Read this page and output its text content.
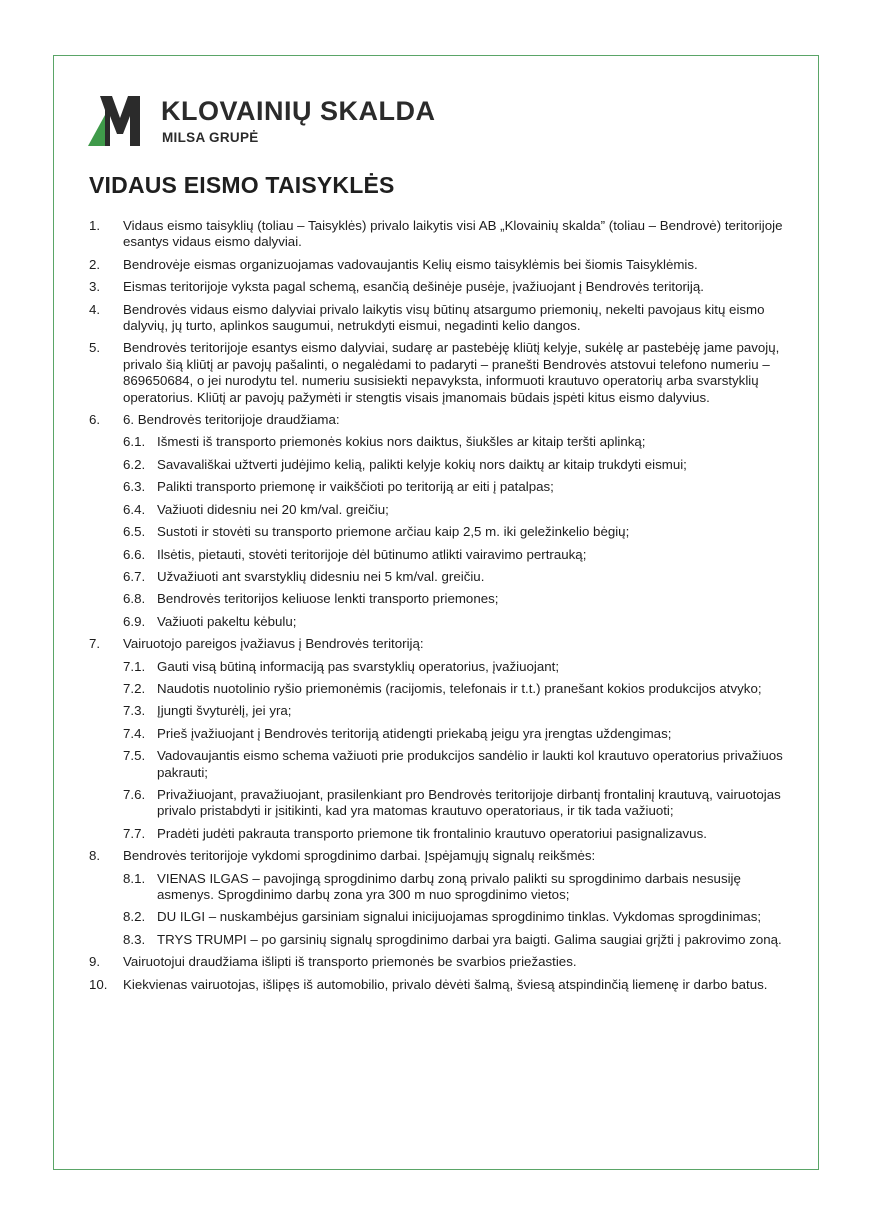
KLOVAINIŲ SKALDA
MILSA GRUPĖ
VIDAUS EISMO TAISYKLĖS
1. Vidaus eismo taisyklių (toliau – Taisyklės) privalo laikytis visi AB „Klovainių skalda” (toliau – Bendrovė) teritorijoje esantys vidaus eismo dalyviai.
2. Bendrovėje eismas organizuojamas vadovaujantis Kelių eismo taisyklėmis bei šiomis Taisyklėmis.
3. Eismas teritorijoje vyksta pagal schemą, esančią dešinėje pusėje, įvažiuojant į Bendrovės teritoriją.
4. Bendrovės vidaus eismo dalyviai privalo laikytis visų būtinų atsargumo priemonių, nekelti pavojaus kitų eismo dalyvių, jų turto, aplinkos saugumui, netrukdyti eismui, negadinti kelio dangos.
5. Bendrovės teritorijoje esantys eismo dalyviai, sudarę ar pastebėję kliūtį kelyje, sukėlę ar pastebėję jame pavojų, privalo šią kliūtį ar pavojų pašalinti, o negalėdami to padaryti – pranešti Bendrovės atstovui telefono numeriu – 869650684, o jei nurodytu tel. numeriu susisiekti nepavyksta, informuoti krautuvo operatorių arba svarstyklių operatorius. Kliūtį ar pavojų pažymėti ir stengtis visais įmanomais būdais įspėti kitus eismo dalyvius.
6. 6. Bendrovės teritorijoje draudžiama:
6.1. Išmesti iš transporto priemonės kokius nors daiktus, šiukšles ar kitaip teršti aplinką;
6.2. Savavališkai užtverti judėjimo kelią, palikti kelyje kokių nors daiktų ar kitaip trukdyti eismui;
6.3. Palikti transporto priemonę ir vaikščioti po teritoriją ar eiti į patalpas;
6.4. Važiuoti didesniu nei 20 km/val. greičiu;
6.5. Sustoti ir stovėti su transporto priemone arčiau kaip 2,5 m. iki geležinkelio bėgių;
6.6. Ilsėtis, pietauti, stovėti teritorijoje dėl būtinumo atlikti vairavimo pertrauką;
6.7. Užvažiuoti ant svarstyklių didesniu nei 5 km/val. greičiu.
6.8. Bendrovės teritorijos keliuose lenkti transporto priemones;
6.9. Važiuoti pakeltu kėbulu;
7. Vairuotojo pareigos įvažiavus į Bendrovės teritoriją:
7.1. Gauti visą būtiną informaciją pas svarstyklių operatorius, įvažiuojant;
7.2. Naudotis nuotolinio ryšio priemonėmis (racijomis, telefonais ir t.t.) pranešant kokios produkcijos atvyko;
7.3. Įjungti švyturėlį, jei yra;
7.4. Prieš įvažiuojant į Bendrovės teritoriją atidengti priekabą jeigu yra įrengtas uždengimas;
7.5. Vadovaujantis eismo schema važiuoti prie produkcijos sandėlio ir laukti kol krautuvo operatorius privažiuos pakrauti;
7.6. Privažiuojant, pravažiuojant, prasilenkiant pro Bendrovės teritorijoje dirbantį frontalinį krautuvą, vairuotojas privalo pristabdyti ir įsitikinti, kad yra matomas krautuvo operatoriaus, ir tik tada važiuoti;
7.7. Pradėti judėti pakrauta transporto priemone tik frontalinio krautuvo operatoriui pasignalizavus.
8. Bendrovės teritorijoje vykdomi sprogdinimo darbai. Įspėjamųjų signalų reikšmės:
8.1. VIENAS ILGAS – pavojingą sprogdinimo darbų zoną privalo palikti su sprogdinimo darbais nesusiję asmenys. Sprogdinimo darbų zona yra 300 m nuo sprogdinimo vietos;
8.2. DU ILGI – nuskambėjus garsiniam signalui inicijuojamas sprogdinimo tinklas. Vykdomas sprogdinimas;
8.3. TRYS TRUMPI – po garsinių signalų sprogdinimo darbai yra baigti. Galima saugiai grįžti į pakrovimo zoną.
9. Vairuotojui draudžiama išlipti iš transporto priemonės be svarbios priežasties.
10. Kiekvienas vairuotojas, išlipęs iš automobilio, privalo dėvėti šalmą, šviesą atspindinčią liemenę ir darbo batus.
